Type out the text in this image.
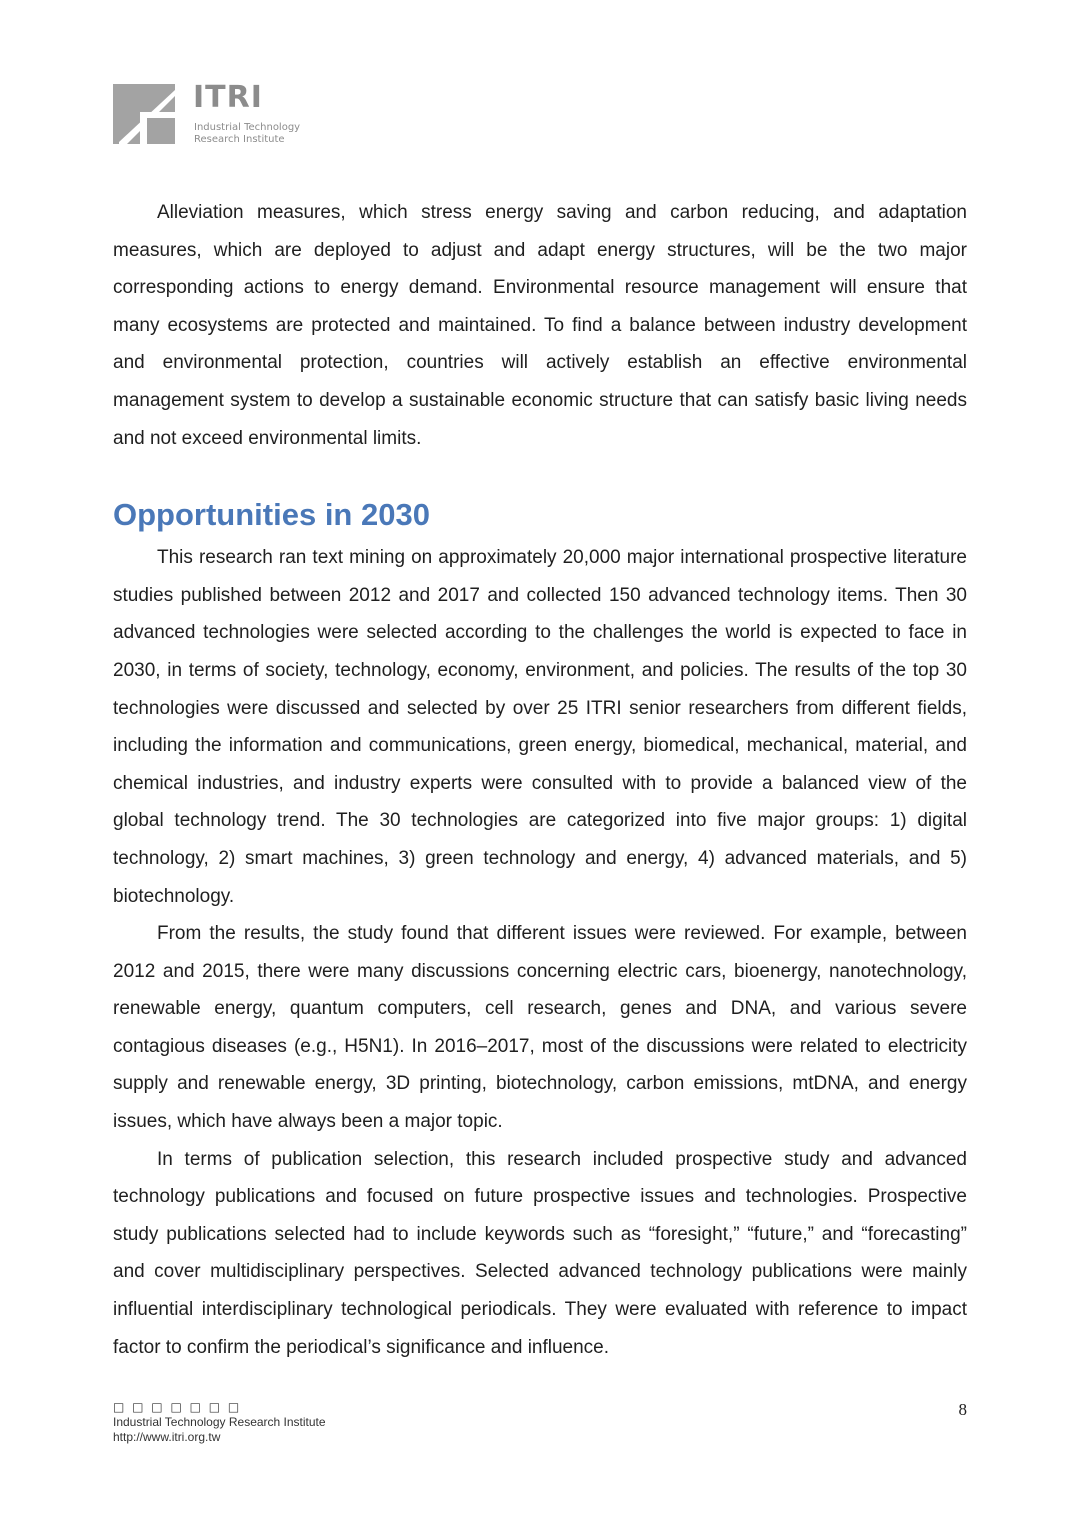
ITRI
Industrial Technology
Research Institute

Alleviation measures, which stress energy saving and carbon reducing, and adaptation measures, which are deployed to adjust and adapt energy structures, will be the two major corresponding actions to energy demand. Environmental resource management will ensure that many ecosystems are protected and maintained. To find a balance between industry development and environmental protection, countries will actively establish an effective environmental management system to develop a sustainable economic structure that can satisfy basic living needs and not exceed environmental limits.

Opportunities in 2030

This research ran text mining on approximately 20,000 major international prospective literature studies published between 2012 and 2017 and collected 150 advanced technology items. Then 30 advanced technologies were selected according to the challenges the world is expected to face in 2030, in terms of society, technology, economy, environment, and policies. The results of the top 30 technologies were discussed and selected by over 25 ITRI senior researchers from different fields, including the information and communications, green energy, biomedical, mechanical, material, and chemical industries, and industry experts were consulted with to provide a balanced view of the global technology trend. The 30 technologies are categorized into five major groups: 1) digital technology, 2) smart machines, 3) green technology and energy, 4) advanced materials, and 5) biotechnology.

From the results, the study found that different issues were reviewed. For example, between 2012 and 2015, there were many discussions concerning electric cars, bioenergy, nanotechnology, renewable energy, quantum computers, cell research, genes and DNA, and various severe contagious diseases (e.g., H5N1). In 2016–2017, most of the discussions were related to electricity supply and renewable energy, 3D printing, biotechnology, carbon emissions, mtDNA, and energy issues, which have always been a major topic.

In terms of publication selection, this research included prospective study and advanced technology publications and focused on future prospective issues and technologies. Prospective study publications selected had to include keywords such as “foresight,” “future,” and “forecasting” and cover multidisciplinary perspectives. Selected advanced technology publications were mainly influential interdisciplinary technological periodicals. They were evaluated with reference to impact factor to confirm the periodical’s significance and influence.

□ □ □ □ □ □ □
Industrial Technology Research Institute
http://www.itri.org.tw
8
